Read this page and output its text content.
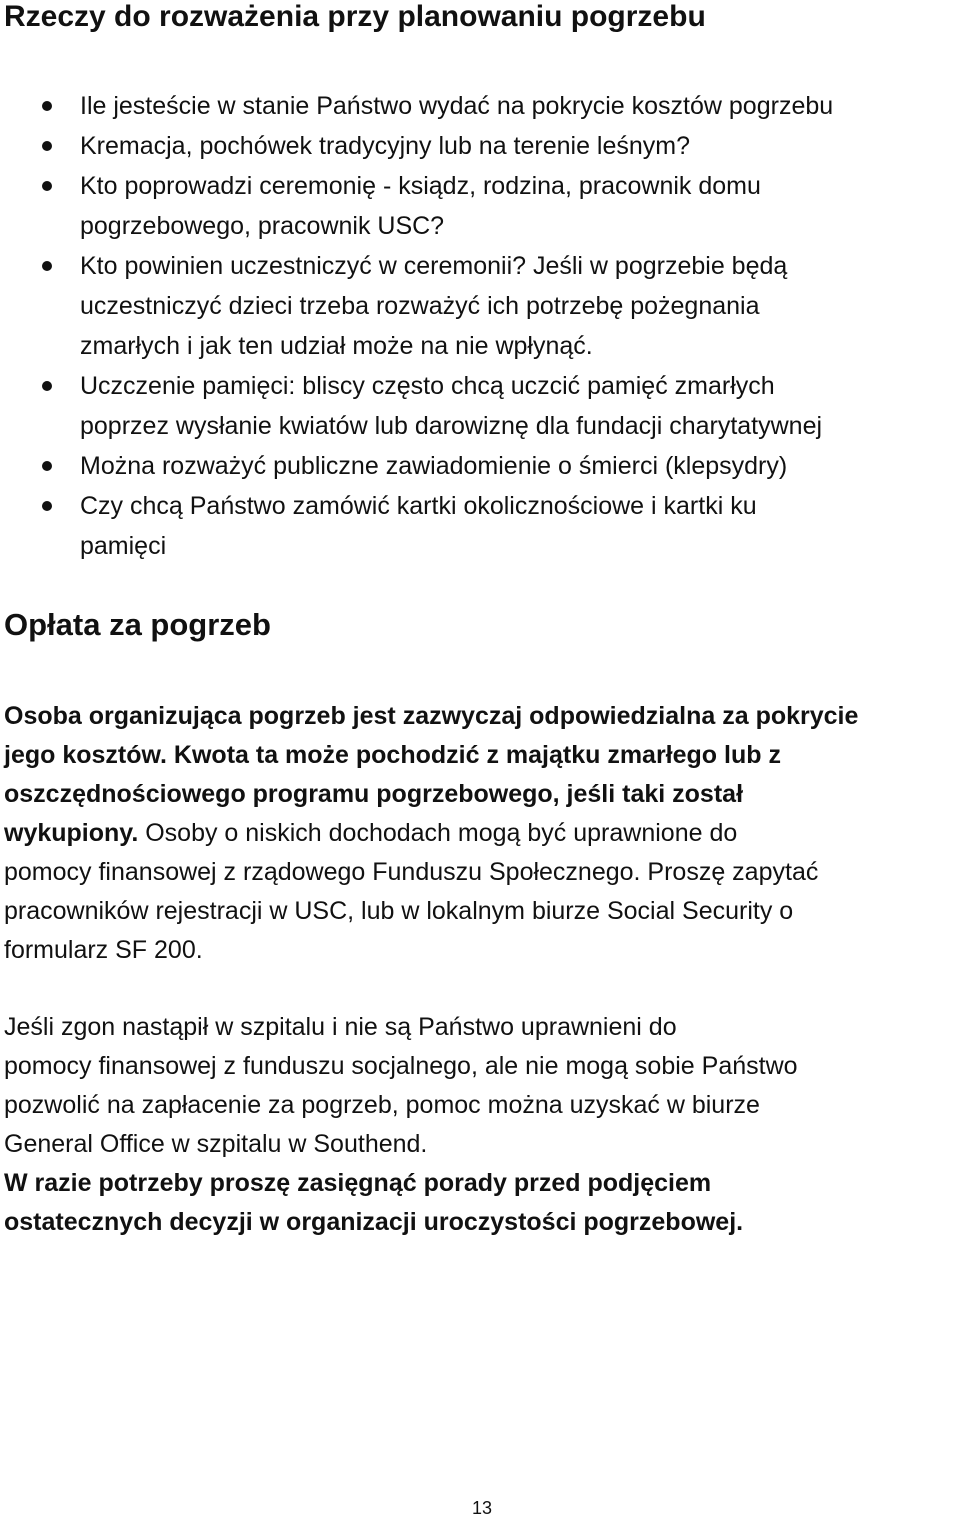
Rzeczy do rozważenia przy planowaniu pogrzebu
Ile jesteście w stanie Państwo wydać na pokrycie kosztów pogrzebu
Kremacja, pochówek tradycyjny lub na terenie leśnym?
Kto poprowadzi ceremonię - ksiądz, rodzina, pracownik domu
pogrzebowego, pracownik USC?
Kto powinien uczestniczyć w ceremonii? Jeśli w pogrzebie będą
uczestniczyć dzieci trzeba rozważyć ich potrzebę pożegnania
zmarłych i jak ten udział może na nie wpłynąć.
Uczczenie pamięci: bliscy często chcą uczcić pamięć zmarłych
poprzez wysłanie kwiatów lub darowiznę dla fundacji charytatywnej
Można rozważyć publiczne zawiadomienie o śmierci (klepsydry)
Czy chcą Państwo zamówić kartki okolicznościowe i kartki ku
pamięci
Opłata za pogrzeb
Osoba organizująca pogrzeb jest zazwyczaj odpowiedzialna za pokrycie
jego kosztów. Kwota ta może pochodzić z majątku zmarłego lub z
oszczędnościowego programu pogrzebowego, jeśli taki został
wykupiony. Osoby o niskich dochodach mogą być uprawnione do
pomocy finansowej z rządowego Funduszu Społecznego. Proszę zapytać
pracowników rejestracji w USC, lub w lokalnym biurze Social Security o
formularz SF 200.
Jeśli zgon nastąpił w szpitalu i nie są Państwo uprawnieni do
pomocy finansowej z funduszu socjalnego, ale nie mogą sobie Państwo
pozwolić na zapłacenie za pogrzeb, pomoc można uzyskać w biurze
General Office w szpitalu w Southend.
W razie potrzeby proszę zasięgnąć porady przed podjęciem
ostatecznych decyzji w organizacji uroczystości pogrzebowej.
13
